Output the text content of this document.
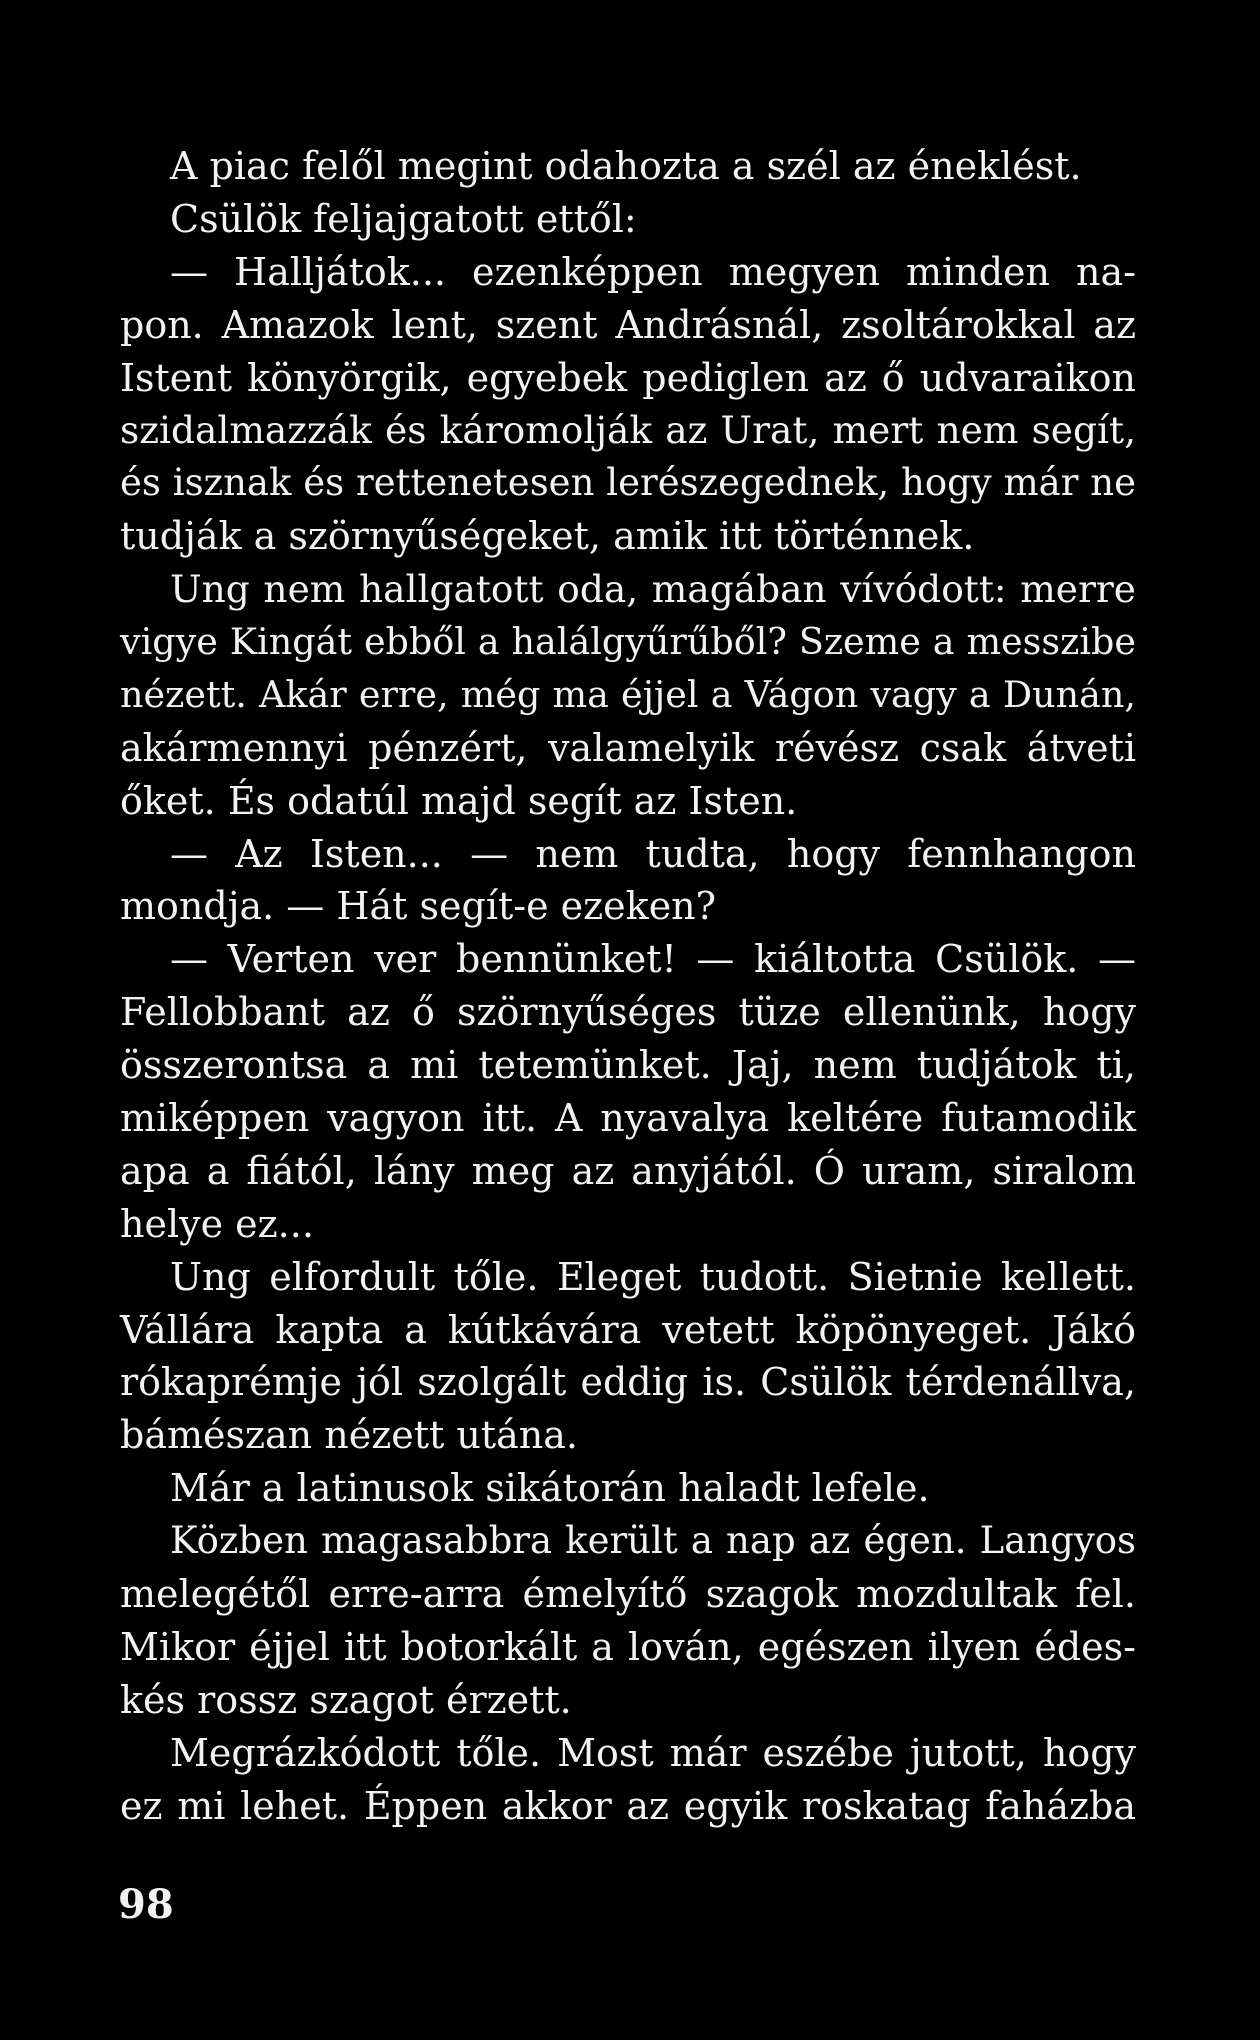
A piac felől megint odahozta a szél az éneklést.
Csülök feljajgatott ettől:
— Halljátok... ezenképpen megyen minden na-
pon. Amazok lent, szent Andrásnál, zsoltárokkal az
Istent könyörgik, egyebek pediglen az ő udvaraikon
szidalmazzák és káromolják az Urat, mert nem segít,
és isznak és rettenetesen lerészegednek, hogy már ne
tudják a szörnyűségeket, amik itt történnek.
Ung nem hallgatott oda, magában vívódott: merre
vigye Kingát ebből a halálgyűrűből? Szeme a messzibe
nézett. Akár erre, még ma éjjel a Vágon vagy a Dunán,
akármennyi pénzért, valamelyik révész csak átveti
őket. És odatúl majd segít az Isten.
— Az Isten... — nem tudta, hogy fennhangon
mondja. — Hát segít-e ezeken?
— Verten ver bennünket! — kiáltotta Csülök. —
Fellobbant az ő szörnyűséges tüze ellenünk, hogy
összerontsa a mi tetemünket. Jaj, nem tudjátok ti,
miképpen vagyon itt. A nyavalya keltére futamodik
apa a fiától, lány meg az anyjától. Ó uram, siralom
helye ez...
Ung elfordult tőle. Eleget tudott. Sietnie kellett.
Vállára kapta a kútkávára vetett köpönyeget. Jákó
rókaprémje jól szolgált eddig is. Csülök térdenállva,
bámészan nézett utána.
Már a latinusok sikátorán haladt lefele.
Közben magasabbra került a nap az égen. Langyos
melegétől erre-arra émelyítő szagok mozdultak fel.
Mikor éjjel itt botorkált a lován, egészen ilyen édes-
kés rossz szagot érzett.
Megrázkódott tőle. Most már eszébe jutott, hogy
ez mi lehet. Éppen akkor az egyik roskatag faházba
98
